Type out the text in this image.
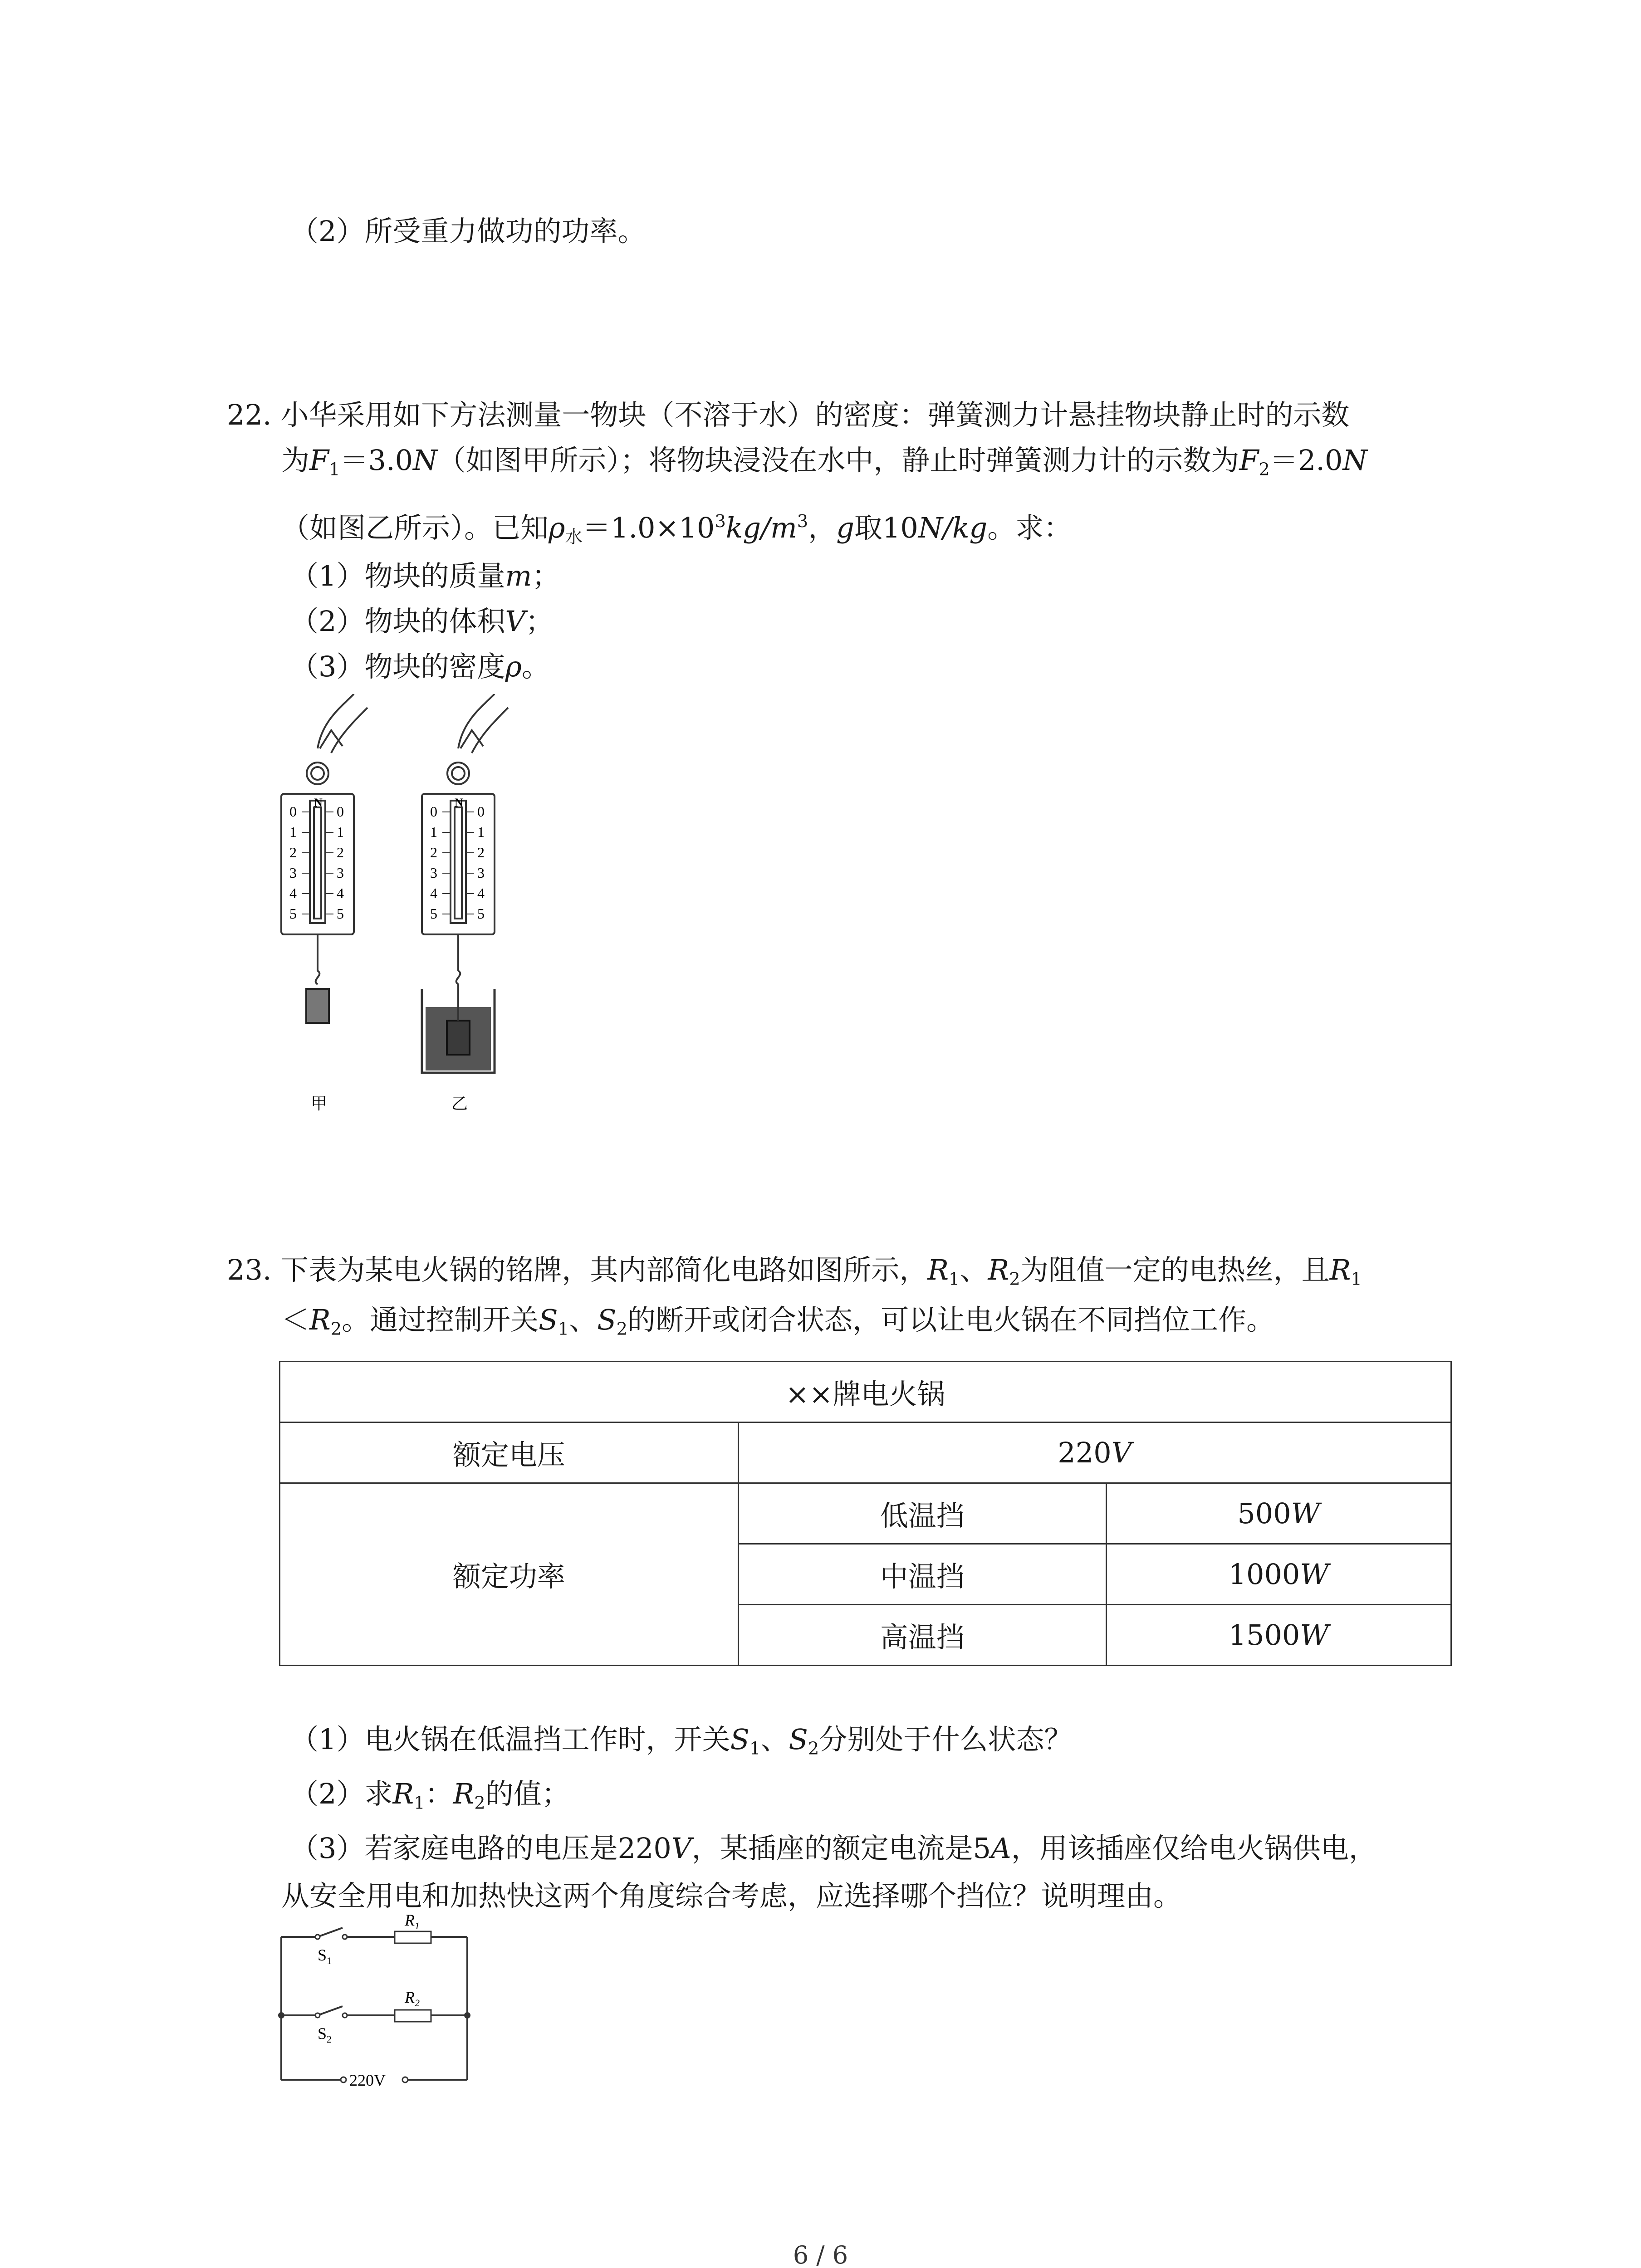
（2）所受重力做功的功率。
22. 小华采用如下方法测量一物块（不溶于水）的密度：弹簧测力计悬挂物块静止时的示数
为$F_1=3.0N$（如图甲所示）；将物块浸没在水中，静止时弹簧测力计的示数为$F_2=2.0N$
（如图乙所示）。已知$\rho_水=1.0\times 10^3kg/m^3$，g取10N/kg。求：
（1）物块的质量m；
（2）物块的体积V；
（3）物块的密度ρ。
N
0	0
1	1
2	2
3	3
4	4
5	5
N
0	0
1	1
2	2
3	3
4	4
5	5
甲	乙
23. 下表为某电火锅的铭牌，其内部简化电路如图所示，$R_1$、$R_2$为阻值一定的电热丝，且$R_1$
$<R_2$。通过控制开关$S_1$、$S_2$的断开或闭合状态，可以让电火锅在不同挡位工作。
××牌电火锅		
额定电压	220V	
额定功率	低温挡	500W
	中温挡	1000W
	高温挡	1500W
（1）电火锅在低温挡工作时，开关$S_1$、$S_2$分别处于什么状态？
（2）求$R_1$：$R_2$的值；
（3）若家庭电路的电压是220V，某插座的额定电流是5A，用该插座仅给电火锅供电，
从安全用电和加热快这两个角度综合考虑，应选择哪个挡位？说明理由。
$R_1$
$S_1$
$R_2$
$S_2$
220V
6 / 6
